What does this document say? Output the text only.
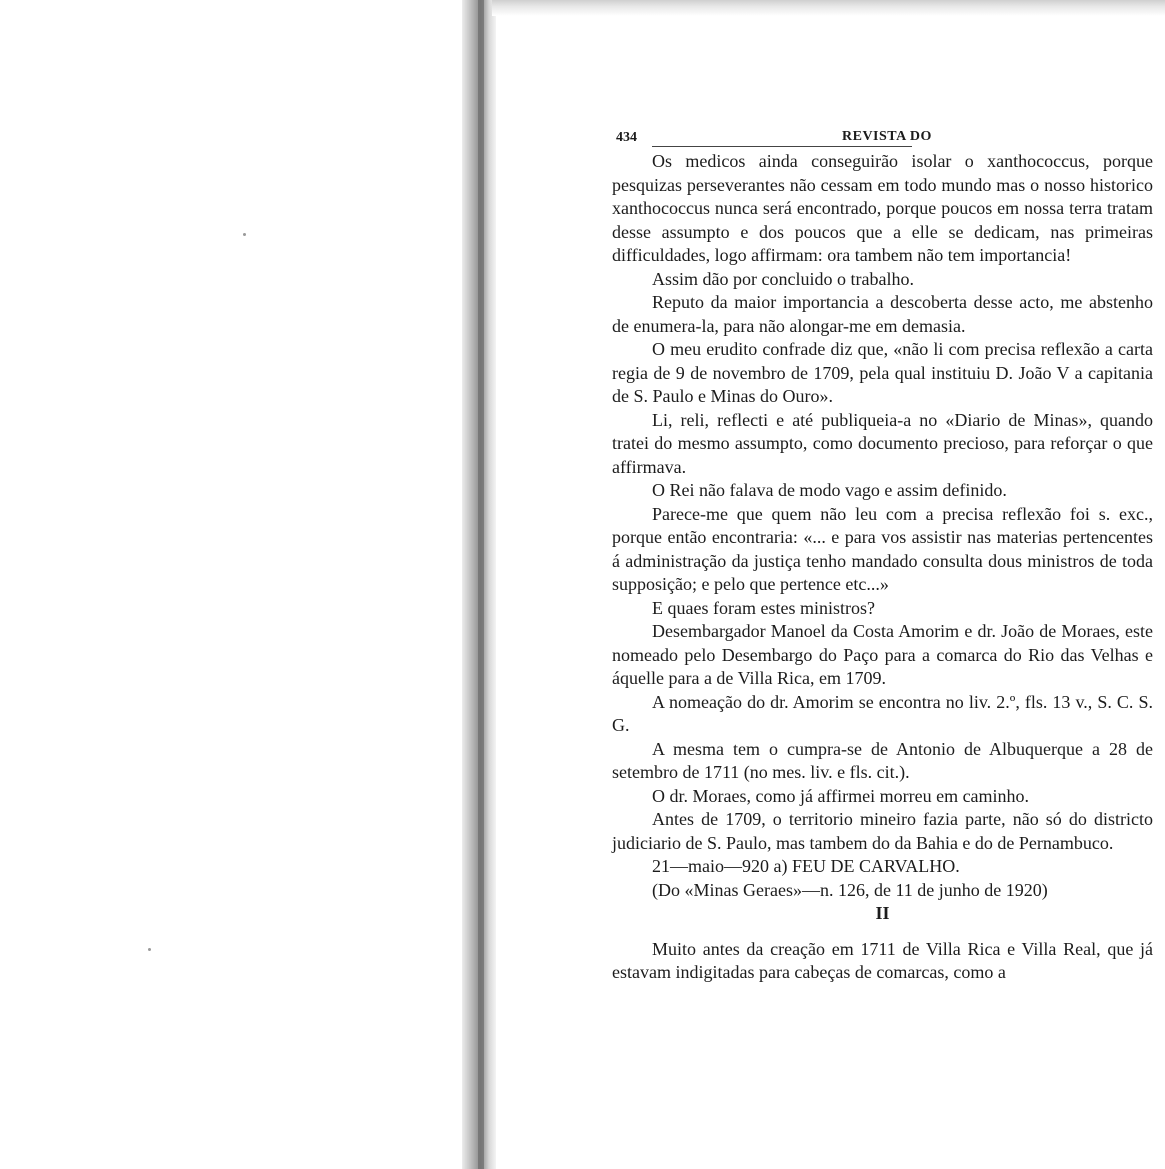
434	REVISTA DO

Os medicos ainda conseguirão isolar o xanthococcus, porque pesquizas perseverantes não cessam em todo mundo mas o nosso historico xanthococcus nunca será encontrado, porque poucos em nossa terra tratam desse assumpto e dos poucos que a elle se dedicam, nas primeiras difficuldades, logo affirmam: ora tambem não tem importancia!

Assim dão por concluido o trabalho.

Reputo da maior importancia a descoberta desse acto, me abstenho de enumera-la, para não alongar-me em demasia.

O meu erudito confrade diz que, «não li com precisa reflexão a carta regia de 9 de novembro de 1709, pela qual instituiu D. João V a capitania de S. Paulo e Minas do Ouro».

Li, reli, reflecti e até publiqueia-a no «Diario de Minas», quando tratei do mesmo assumpto, como documento precioso, para reforçar o que affirmava.

O Rei não falava de modo vago e assim definido.

Parece-me que quem não leu com a precisa reflexão foi s. exc., porque então encontraria: «... e para vos assistir nas materias pertencentes á administração da justiça tenho mandado consulta dous ministros de toda supposição; e pelo que pertence etc...»

E quaes foram estes ministros?

Desembargador Manoel da Costa Amorim e dr. João de Moraes, este nomeado pelo Desembargo do Paço para a comarca do Rio das Velhas e áquelle para a de Villa Rica, em 1709.

A nomeação do dr. Amorim se encontra no liv. 2.º, fls. 13 v., S. C. S. G.

A mesma tem o cumpra-se de Antonio de Albuquerque a 28 de setembro de 1711 (no mes. liv. e fls. cit.).

O dr. Moraes, como já affirmei morreu em caminho.

Antes de 1709, o territorio mineiro fazia parte, não só do districto judiciario de S. Paulo, mas tambem do da Bahia e do de Pernambuco.

21—maio—920 a) FEU DE CARVALHO.

(Do «Minas Geraes»—n. 126, de 11 de junho de 1920)

II

Muito antes da creação em 1711 de Villa Rica e Villa Real, que já estavam indigitadas para cabeças de comarcas, como a
